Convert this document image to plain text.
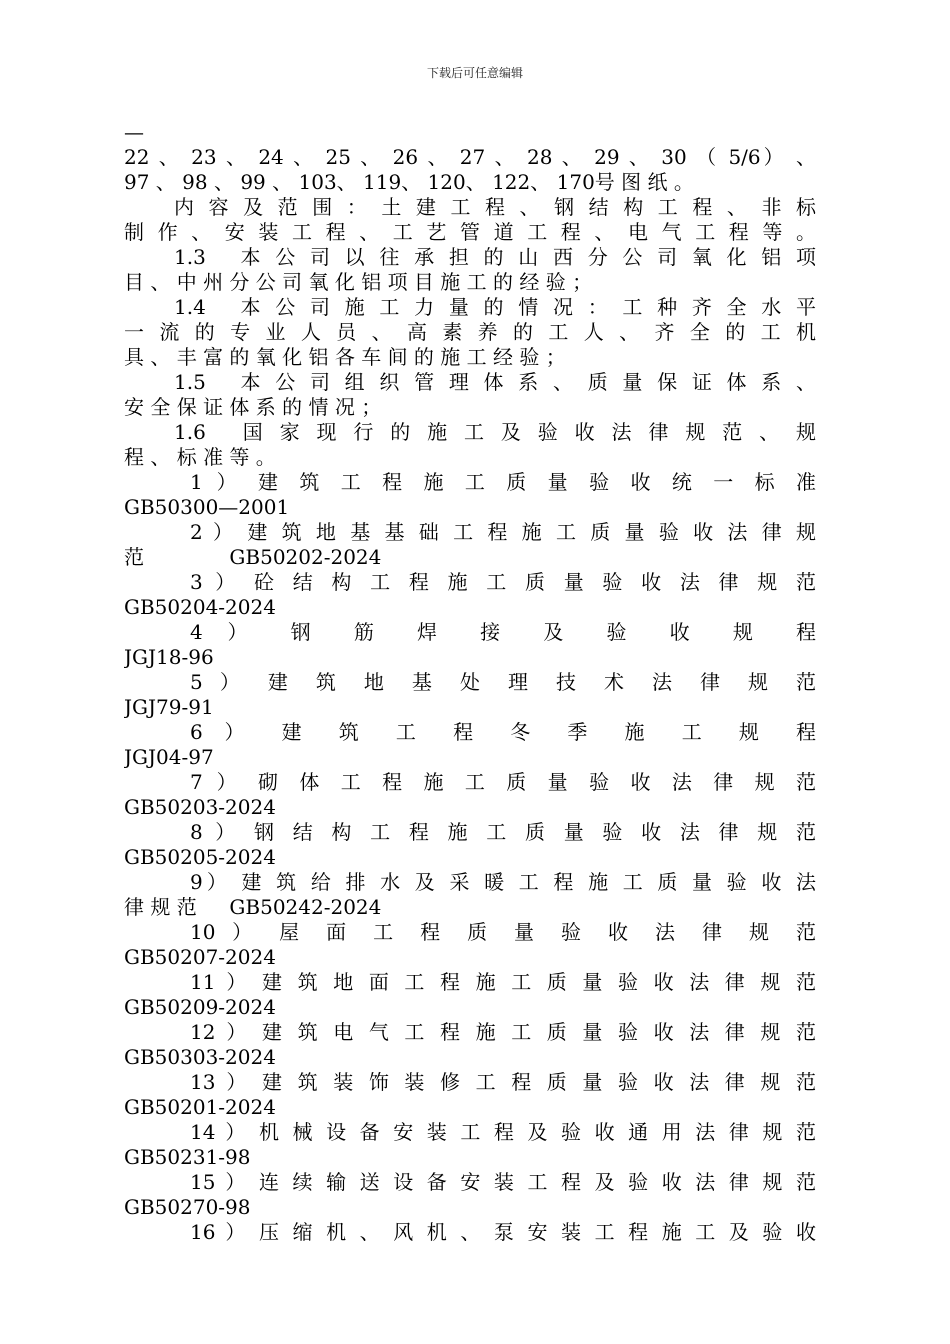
下载后可任意编辑
—
22 、 23 、 24 、 25 、 26 、 27 、 28 、 29 、 30 （ 5/6） 、
97 、 98 、 99 、 103、 119、 120、 122、 170号 图 纸 。
内 容 及 范 围 ： 土 建 工 程 、 钢 结 构 工 程 、 非 标
制 作 、 安 装 工 程 、 工 艺 管 道 工 程 、 电 气 工 程 等 。
1.3 　本 公 司 以 往 承 担 的 山 西 分 公 司 氧 化 铝 项
目 、 中 州 分 公 司 氧 化 铝 项 目 施 工 的 经 验 ；
1.4 　本 公 司 施 工 力 量 的 情 况 ： 工 种 齐 全 水 平
一 流 的 专 业 人 员 、 高 素 养 的 工 人 、 齐 全 的 工 机
具 、 丰 富 的 氧 化 铝 各 车 间 的 施 工 经 验 ；
1.5 　本 公 司 组 织 管 理 体 系 、 质 量 保 证 体 系 、
安 全 保 证 体 系 的 情 况 ；
1.6 　国 家 现 行 的 施 工 及 验 收 法 律 规 范 、 规
程 、 标 准 等 。
1 ） 建 筑 工 程 施 工 质 量 验 收 统 一 标 准
GB50300—2001
2 ） 建 筑 地 基 基 础 工 程 施 工 质 量 验 收 法 律 规
范 　 　 　 GB50202-2024
3 ） 砼 结 构 工 程 施 工 质 量 验 收 法 律 规 范
GB50204-2024
4 ） 钢 筋 焊 接 及 验 收 规 程
JGJ18-96
5 ） 建 筑 地 基 处 理 技 术 法 律 规 范
JGJ79-91
6 ） 建 筑 工 程 冬 季 施 工 规 程
JGJ04-97
7 ） 砌 体 工 程 施 工 质 量 验 收 法 律 规 范
GB50203-2024
8 ） 钢 结 构 工 程 施 工 质 量 验 收 法 律 规 范
GB50205-2024
9） 建 筑 给 排 水 及 采 暖 工 程 施 工 质 量 验 收 法
律 规 范 　 GB50242-2024
10 ） 屋 面 工 程 质 量 验 收 法 律 规 范
GB50207-2024
11 ） 建 筑 地 面 工 程 施 工 质 量 验 收 法 律 规 范
GB50209-2024
12 ） 建 筑 电 气 工 程 施 工 质 量 验 收 法 律 规 范
GB50303-2024
13 ） 建 筑 装 饰 装 修 工 程 质 量 验 收 法 律 规 范
GB50201-2024
14 ） 机 械 设 备 安 装 工 程 及 验 收 通 用 法 律 规 范
GB50231-98
15 ） 连 续 输 送 设 备 安 装 工 程 及 验 收 法 律 规 范
GB50270-98
16 ） 压 缩 机 、 风 机 、 泵 安 装 工 程 施 工 及 验 收
